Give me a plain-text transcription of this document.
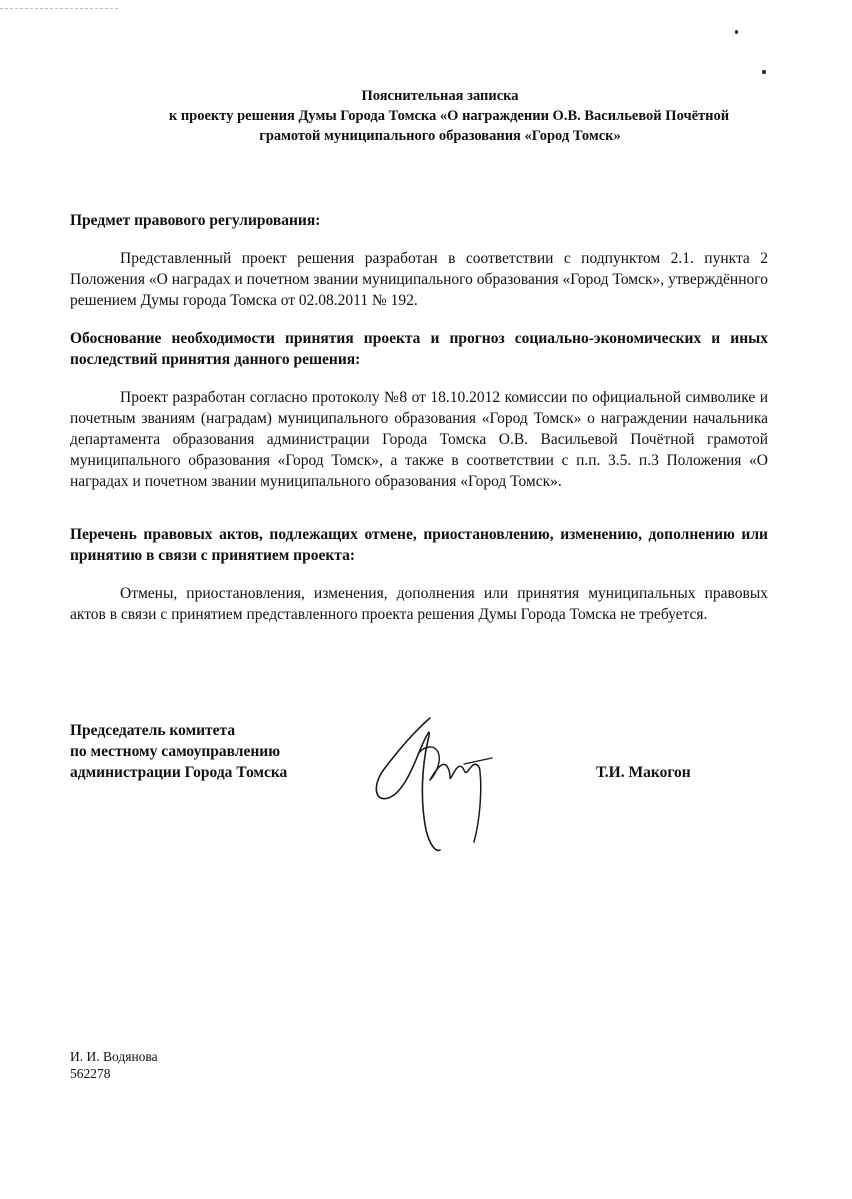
Пояснительная записка

к проекту решения Думы Города Томска «О награждении О.В. Васильевой Почётной
грамотой муниципального образования «Город Томск»
Предмет правового регулирования:
Представленный проект решения разработан в соответствии с подпунктом 2.1. пункта 2 Положения «О наградах и почетном звании муниципального образования «Город Томск», утверждённого решением Думы города Томска от 02.08.2011 № 192.
Обоснование необходимости принятия проекта и прогноз социально-экономических и иных последствий принятия данного решения:
Проект разработан согласно протоколу №8 от 18.10.2012 комиссии по официальной символике и почетным званиям (наградам) муниципального образования «Город Томск» о награждении начальника департамента образования администрации Города Томска О.В. Васильевой Почётной грамотой муниципального образования «Город Томск», а также в соответствии с п.п. 3.5. п.3 Положения «О наградах и почетном звании муниципального образования «Город Томск».
Перечень правовых актов, подлежащих отмене, приостановлению, изменению, дополнению или принятию в связи с принятием проекта:
Отмены, приостановления, изменения, дополнения или принятия муниципальных правовых актов в связи с принятием представленного проекта решения Думы Города Томска не требуется.
Председатель комитета
по местному самоуправлению
администрации Города Томска	Т.И. Макогон
И. И. Водянова
562278
